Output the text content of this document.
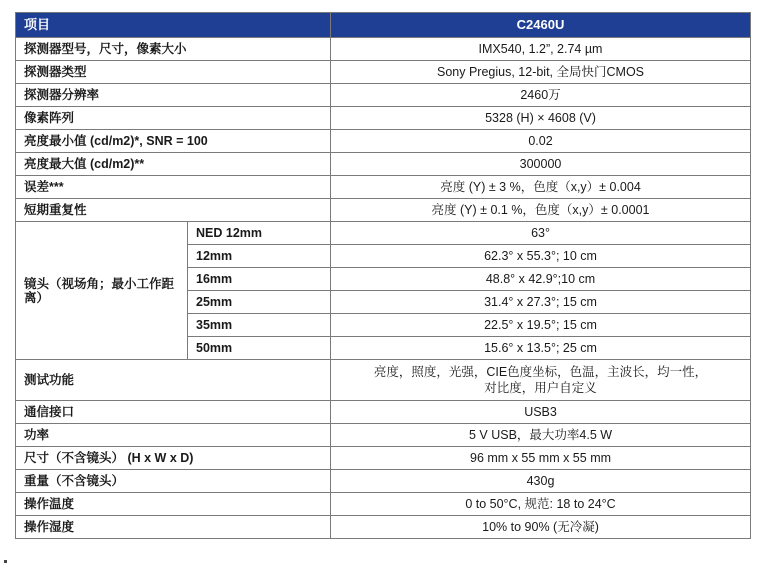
项目		C2460U
探测器型号，尺寸，像素大小		IMX540, 1.2”, 2.74 µm
探测器类型		Sony Pregius, 12-bit, 全局快门CMOS
探测器分辨率		2460万
像素阵列		5328 (H) × 4608 (V)
亮度最小值 (cd/m2)*, SNR = 100		0.02
亮度最大值 (cd/m2)**		300000
误差***		亮度 (Y) ± 3 %，色度（x,y）± 0.004
短期重复性		亮度 (Y) ± 0.1 %，色度（x,y）± 0.0001
镜头（视场角；最小工作距离）	NED 12mm	63°
	12mm	62.3° x 55.3°; 10 cm
	16mm	48.8° x 42.9°;10 cm
	25mm	31.4° x 27.3°; 15 cm
	35mm	22.5° x 19.5°; 15 cm
	50mm	15.6° x 13.5°; 25 cm
测试功能		亮度，照度，光强，CIE色度坐标，色温，主波长，均一性，
对比度，用户自定义
通信接口		USB3
功率		5 V USB，最大功率4.5 W
尺寸（不含镜头） (H x W x D)		96 mm x 55 mm x 55 mm
重量（不含镜头）		430g
操作温度		0 to 50°C, 规范: 18 to 24°C
操作湿度		10% to 90% (无冷凝)
